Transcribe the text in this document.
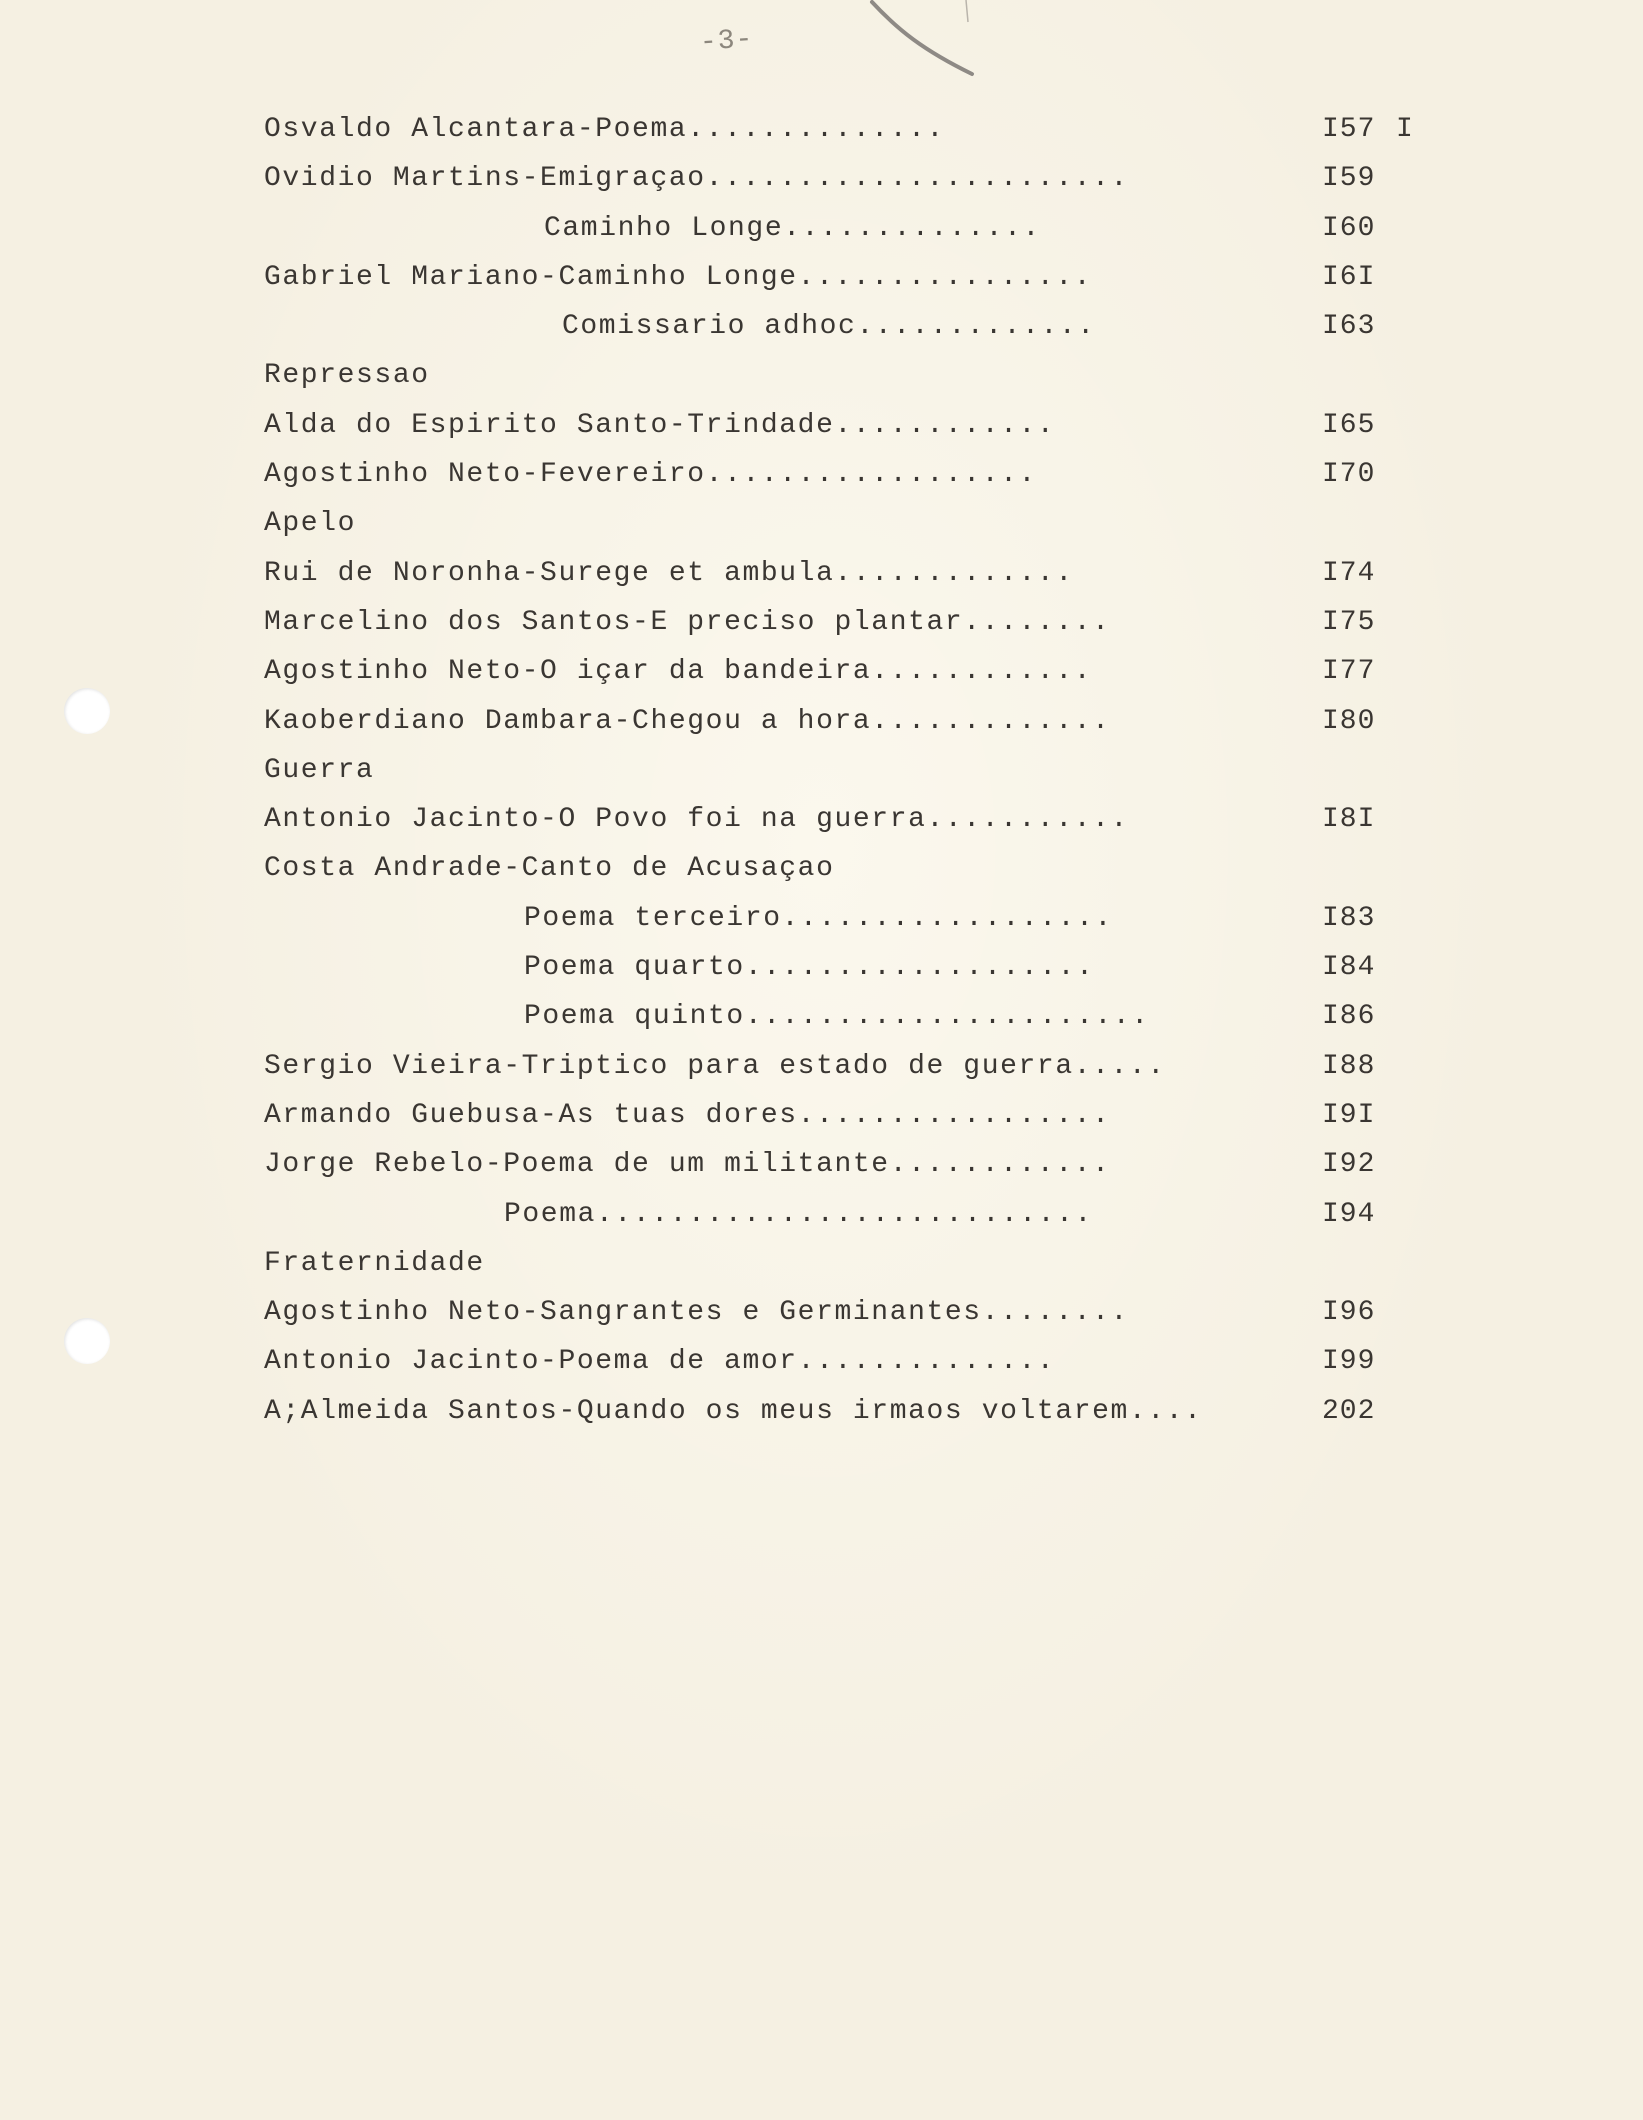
-3-
Osvaldo Alcantara-Poema..............	I57 I
Ovidio Martins-Emigraçao.......................	I59
Caminho Longe..............	I60
Gabriel Mariano-Caminho Longe................	I6I
Comissario adhoc.............	I63
Repressao
Alda do Espirito Santo-Trindade............	I65
Agostinho Neto-Fevereiro..................	I70
Apelo
Rui de Noronha-Surege et ambula.............	I74
Marcelino dos Santos-E preciso plantar........	I75
Agostinho Neto-O içar da bandeira............	I77
Kaoberdiano Dambara-Chegou a hora.............	I80
Guerra
Antonio Jacinto-O Povo foi na guerra...........	I8I
Costa Andrade-Canto de Acusaçao
Poema terceiro..................	I83
Poema quarto...................	I84
Poema quinto......................	I86
Sergio Vieira-Triptico para estado de guerra.....	I88
Armando Guebusa-As tuas dores.................	I9I
Jorge Rebelo-Poema de um militante............	I92
Poema...........................	I94
Fraternidade
Agostinho Neto-Sangrantes e Germinantes........	I96
Antonio Jacinto-Poema de amor..............	I99
A;Almeida Santos-Quando os meus irmaos voltarem....	202
